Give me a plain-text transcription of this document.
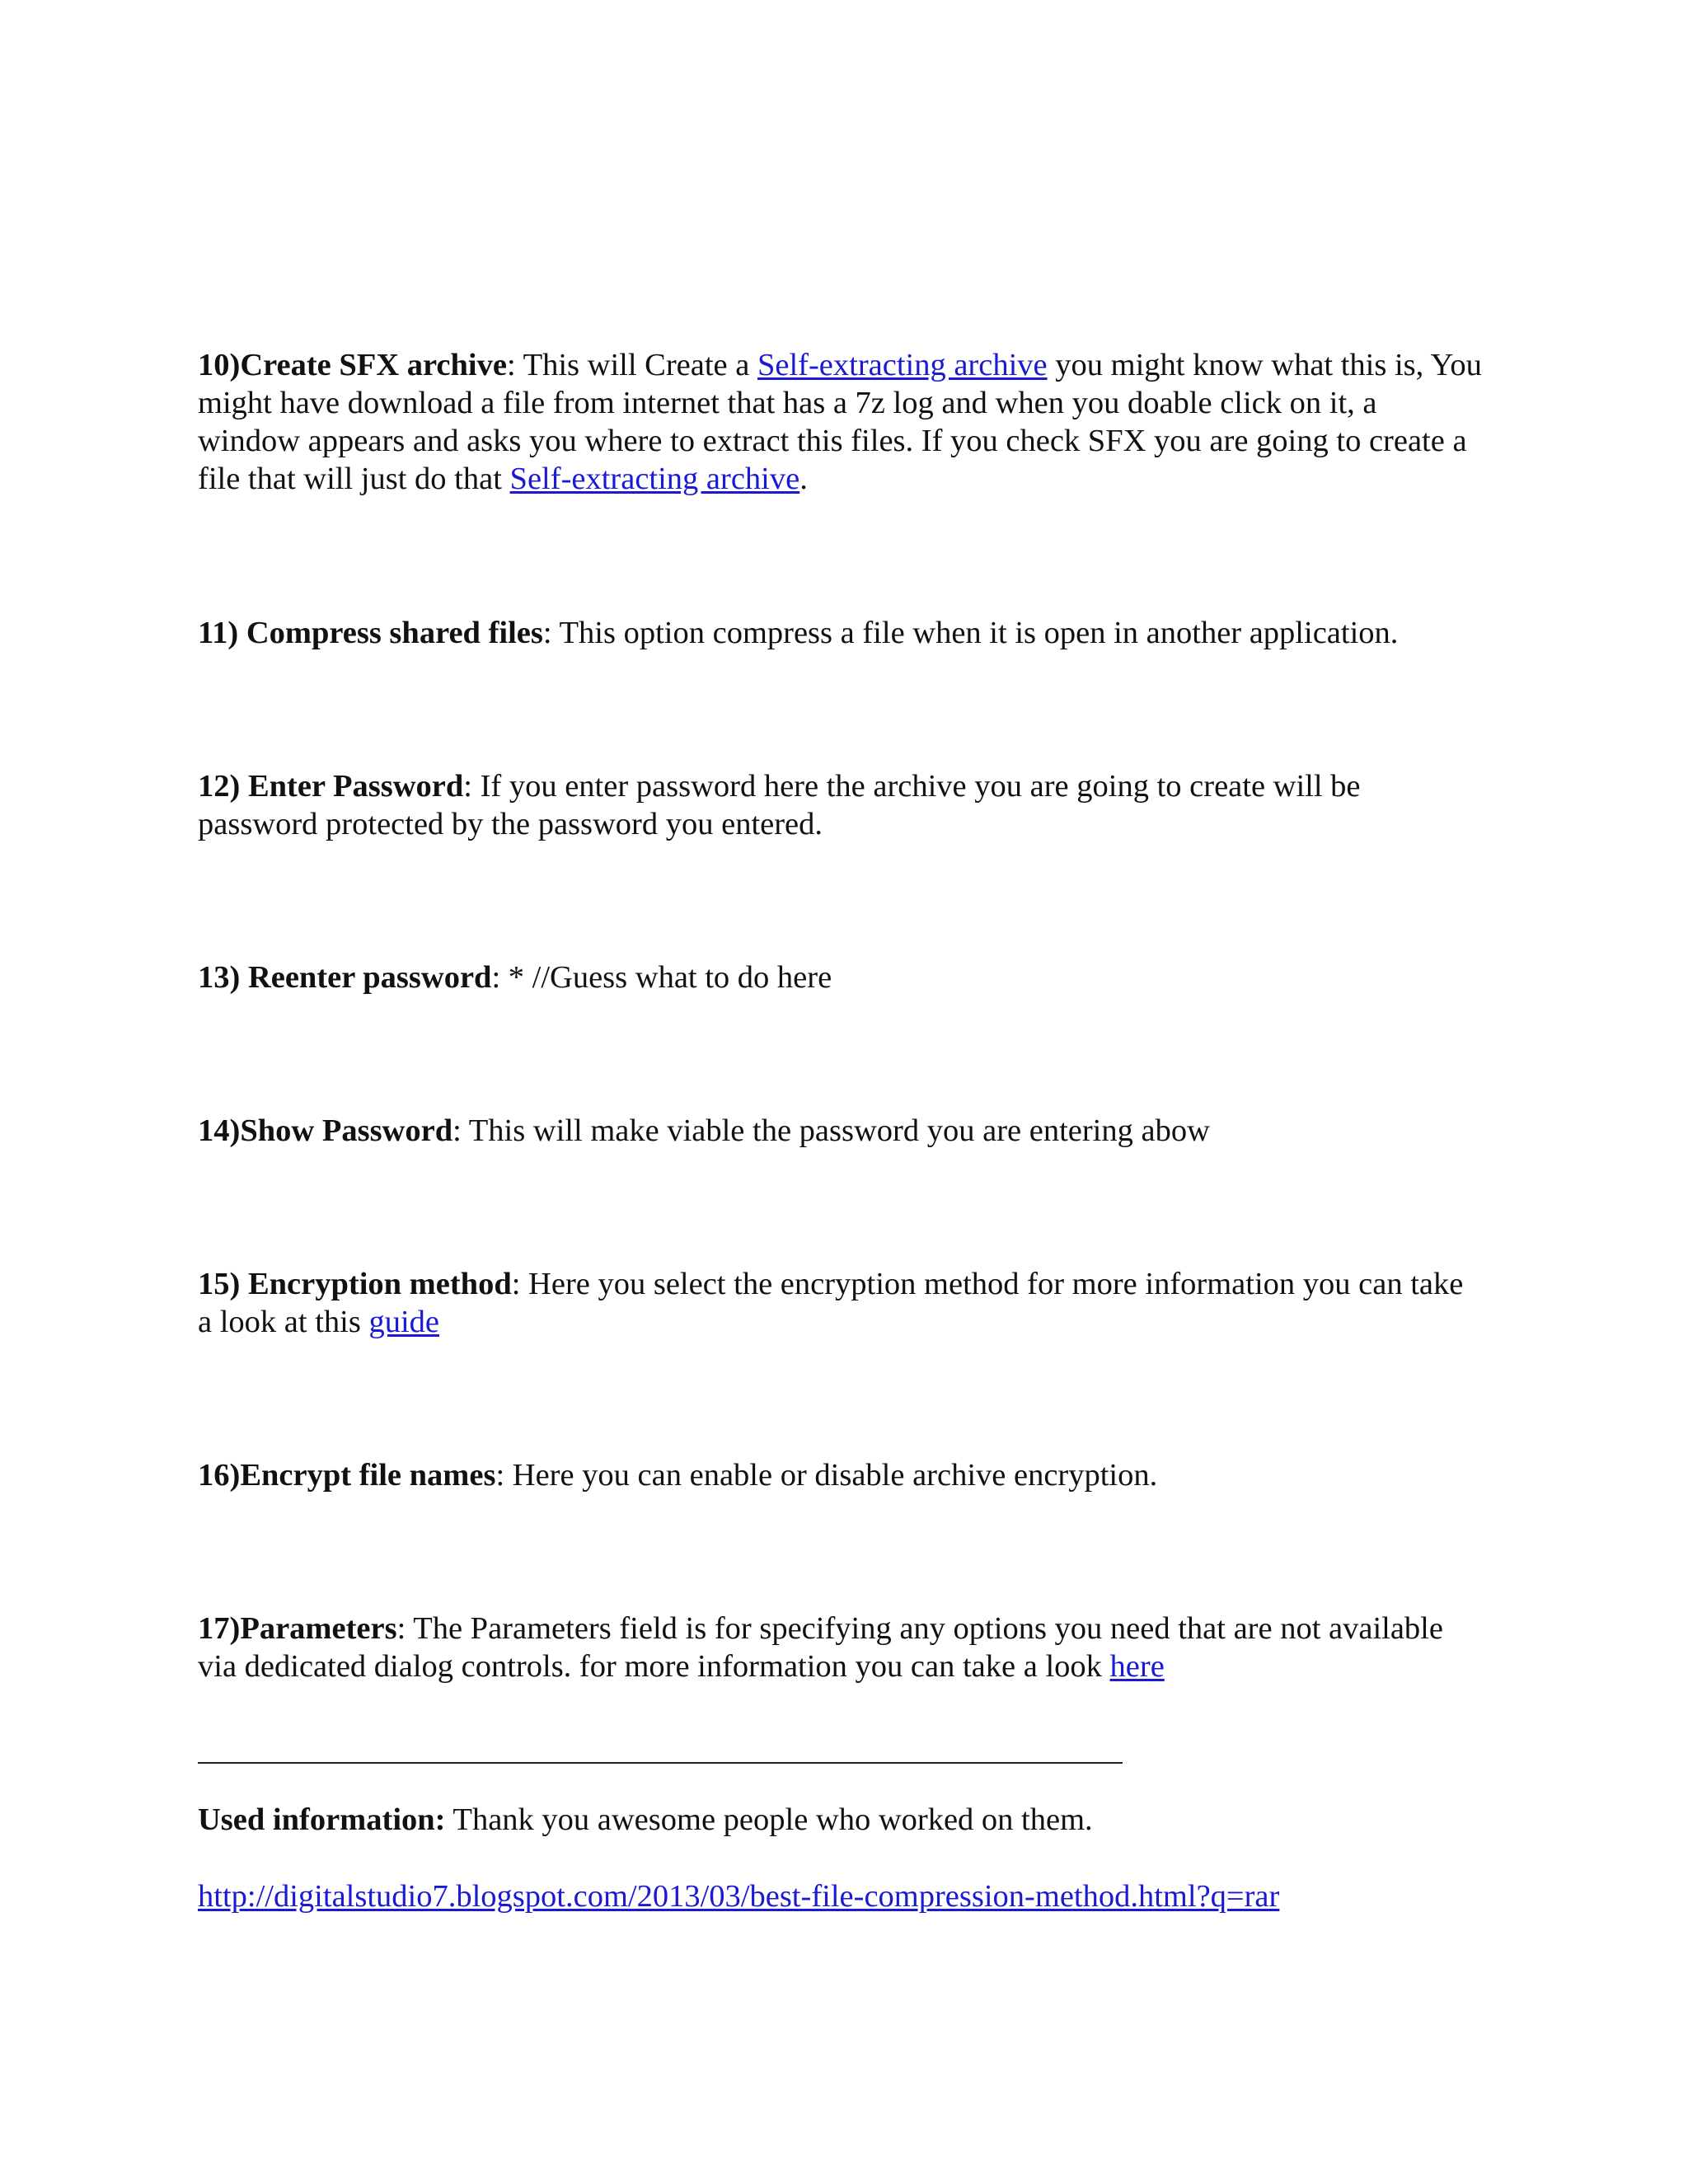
10)Create SFX archive: This will Create a Self-extracting archive you might know what this is, You might have download a file from internet that has a 7z log and when you doable click on it, a window appears and asks you where to extract this files. If you check SFX you are going to create a file that will just do that Self-extracting archive.
11) Compress shared files: This option compress a file when it is open in another application.
12) Enter Password: If you enter password here the archive you are going to create will be password protected by the password you entered.
13) Reenter password: * //Guess what to do here
14)Show Password: This will make viable the password you are entering abow
15) Encryption method: Here you select the encryption method for more information you can take a look at this guide
16)Encrypt file names: Here you can enable or disable archive encryption.
17)Parameters: The Parameters field is for specifying any options you need that are not available via dedicated dialog controls. for more information you can take a look here
Used information: Thank you awesome people who worked on them.
http://digitalstudio7.blogspot.com/2013/03/best-file-compression-method.html?q=rar
